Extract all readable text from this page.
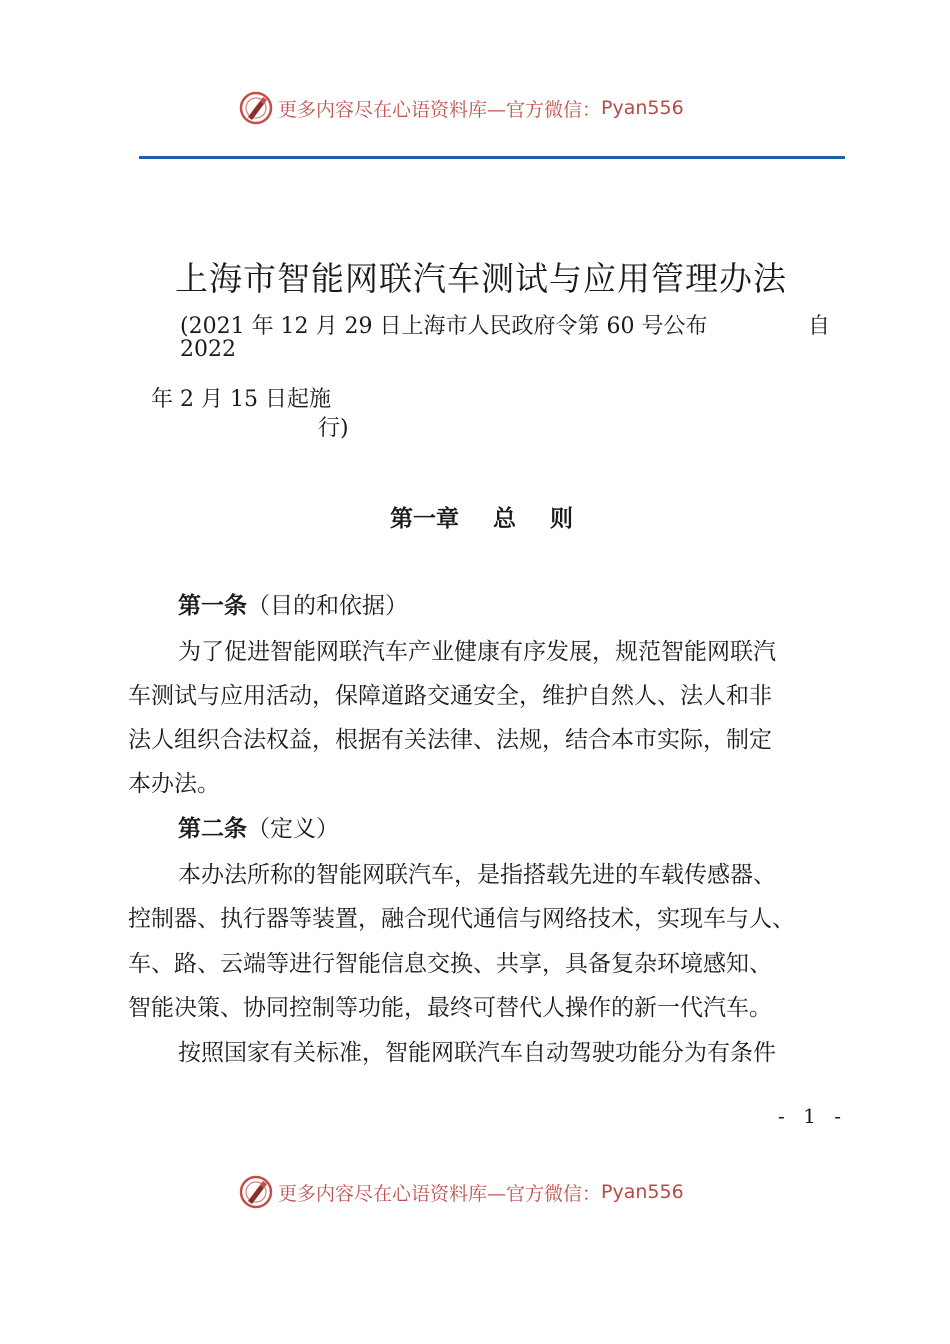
更多内容尽在心语资料库—官方微信： Pyan556
上海市智能网联汽车测试与应用管理办法
(2021 年 12 月 29 日上海市人民政府令第 60 号公布	自
2022
年 2 月 15 日起施
行)
第一章 总 则
第一条（目的和依据）
为了促进智能网联汽车产业健康有序发展，规范智能网联汽
车测试与应用活动，保障道路交通安全，维护自然人、法人和非
法人组织合法权益，根据有关法律、法规，结合本市实际，制定
本办法。
第二条（定义）
本办法所称的智能网联汽车，是指搭载先进的车载传感器、
控制器、执行器等装置，融合现代通信与网络技术，实现车与人、
车、路、云端等进行智能信息交换、共享，具备复杂环境感知、
智能决策、协同控制等功能，最终可替代人操作的新一代汽车。
按照国家有关标准，智能网联汽车自动驾驶功能分为有条件
- 1 -
更多内容尽在心语资料库—官方微信： Pyan556
